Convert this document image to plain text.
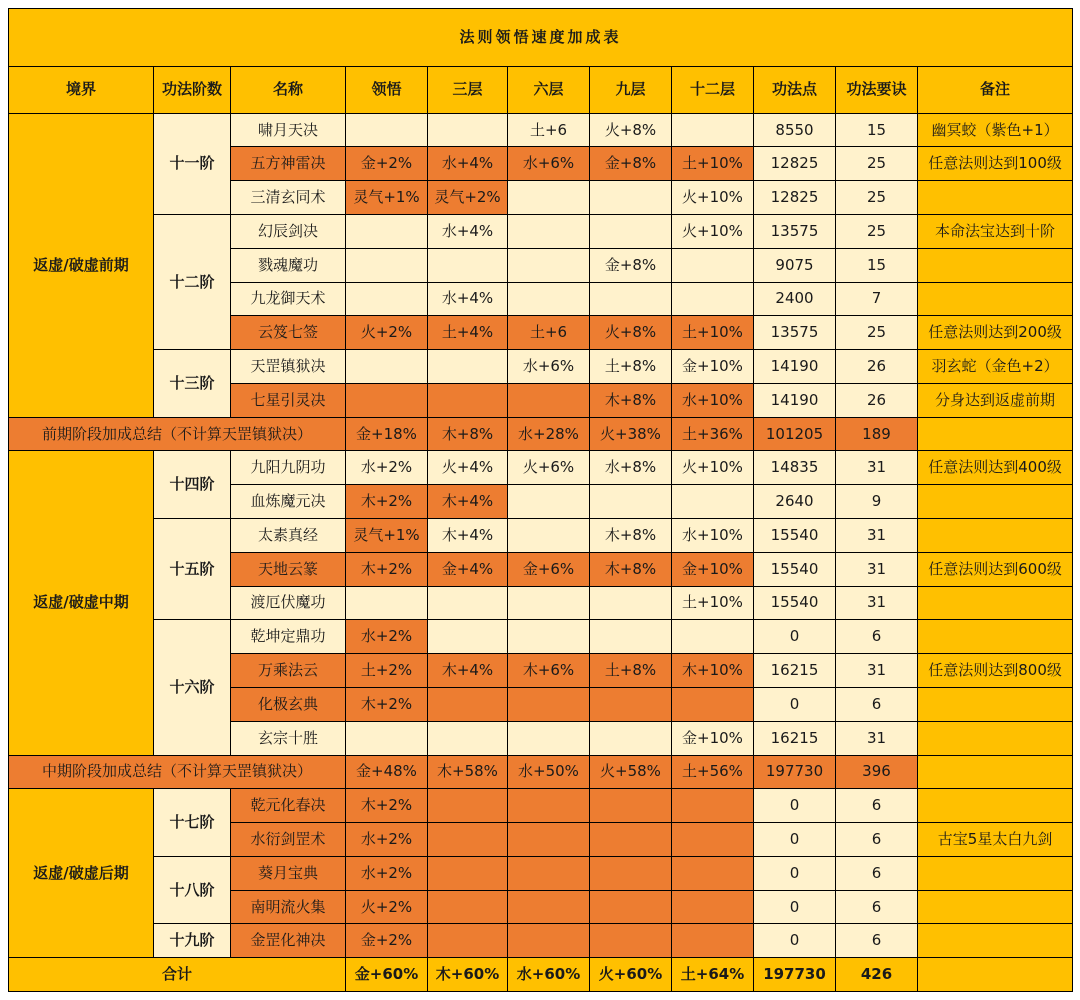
法则领悟速度加成表										
境界	功法阶数	名称	领悟	三层	六层	九层	十二层	功法点	功法要诀	备注
返虚/破虚前期	十一阶	啸月天决			土+6	火+8%		8550	15	幽冥蛟（紫色+1）
		五方神雷决	金+2%	水+4%	水+6%	金+8%	土+10%	12825	25	任意法则达到100级
		三清玄同术	灵气+1%	灵气+2%			火+10%	12825	25	
	十二阶	幻辰剑决		水+4%			火+10%	13575	25	本命法宝达到十阶
		戮魂魔功				金+8%		9075	15	
		九龙御天术		水+4%				2400	7	
		云笈七签	火+2%	土+4%	土+6	火+8%	土+10%	13575	25	任意法则达到200级
	十三阶	天罡镇狱决			水+6%	土+8%	金+10%	14190	26	羽玄蛇（金色+2）
		七星引灵决				木+8%	水+10%	14190	26	分身达到返虚前期
前期阶段加成总结（不计算天罡镇狱决）			金+18%	木+8%	水+28%	火+38%	土+36%	101205	189	
返虚/破虚中期	十四阶	九阳九阴功	水+2%	火+4%	火+6%	水+8%	火+10%	14835	31	任意法则达到400级
		血炼魔元决	木+2%	木+4%				2640	9	
	十五阶	太素真经	灵气+1%	木+4%		木+8%	水+10%	15540	31	
		天地云篆	木+2%	金+4%	金+6%	木+8%	金+10%	15540	31	任意法则达到600级
		渡厄伏魔功					土+10%	15540	31	
	十六阶	乾坤定鼎功	水+2%					0	6	
		万乘法云	土+2%	木+4%	木+6%	土+8%	木+10%	16215	31	任意法则达到800级
		化极玄典	木+2%					0	6	
		玄宗十胜					金+10%	16215	31	
中期阶段加成总结（不计算天罡镇狱决）			金+48%	木+58%	水+50%	火+58%	土+56%	197730	396	
返虚/破虚后期	十七阶	乾元化春决	木+2%					0	6	
		水衍剑罡术	水+2%					0	6	古宝5星太白九剑
	十八阶	葵月宝典	水+2%					0	6	
		南明流火集	火+2%					0	6	
	十九阶	金罡化神决	金+2%					0	6	
合计			金+60%	木+60%	水+60%	火+60%	土+64%	197730	426	
